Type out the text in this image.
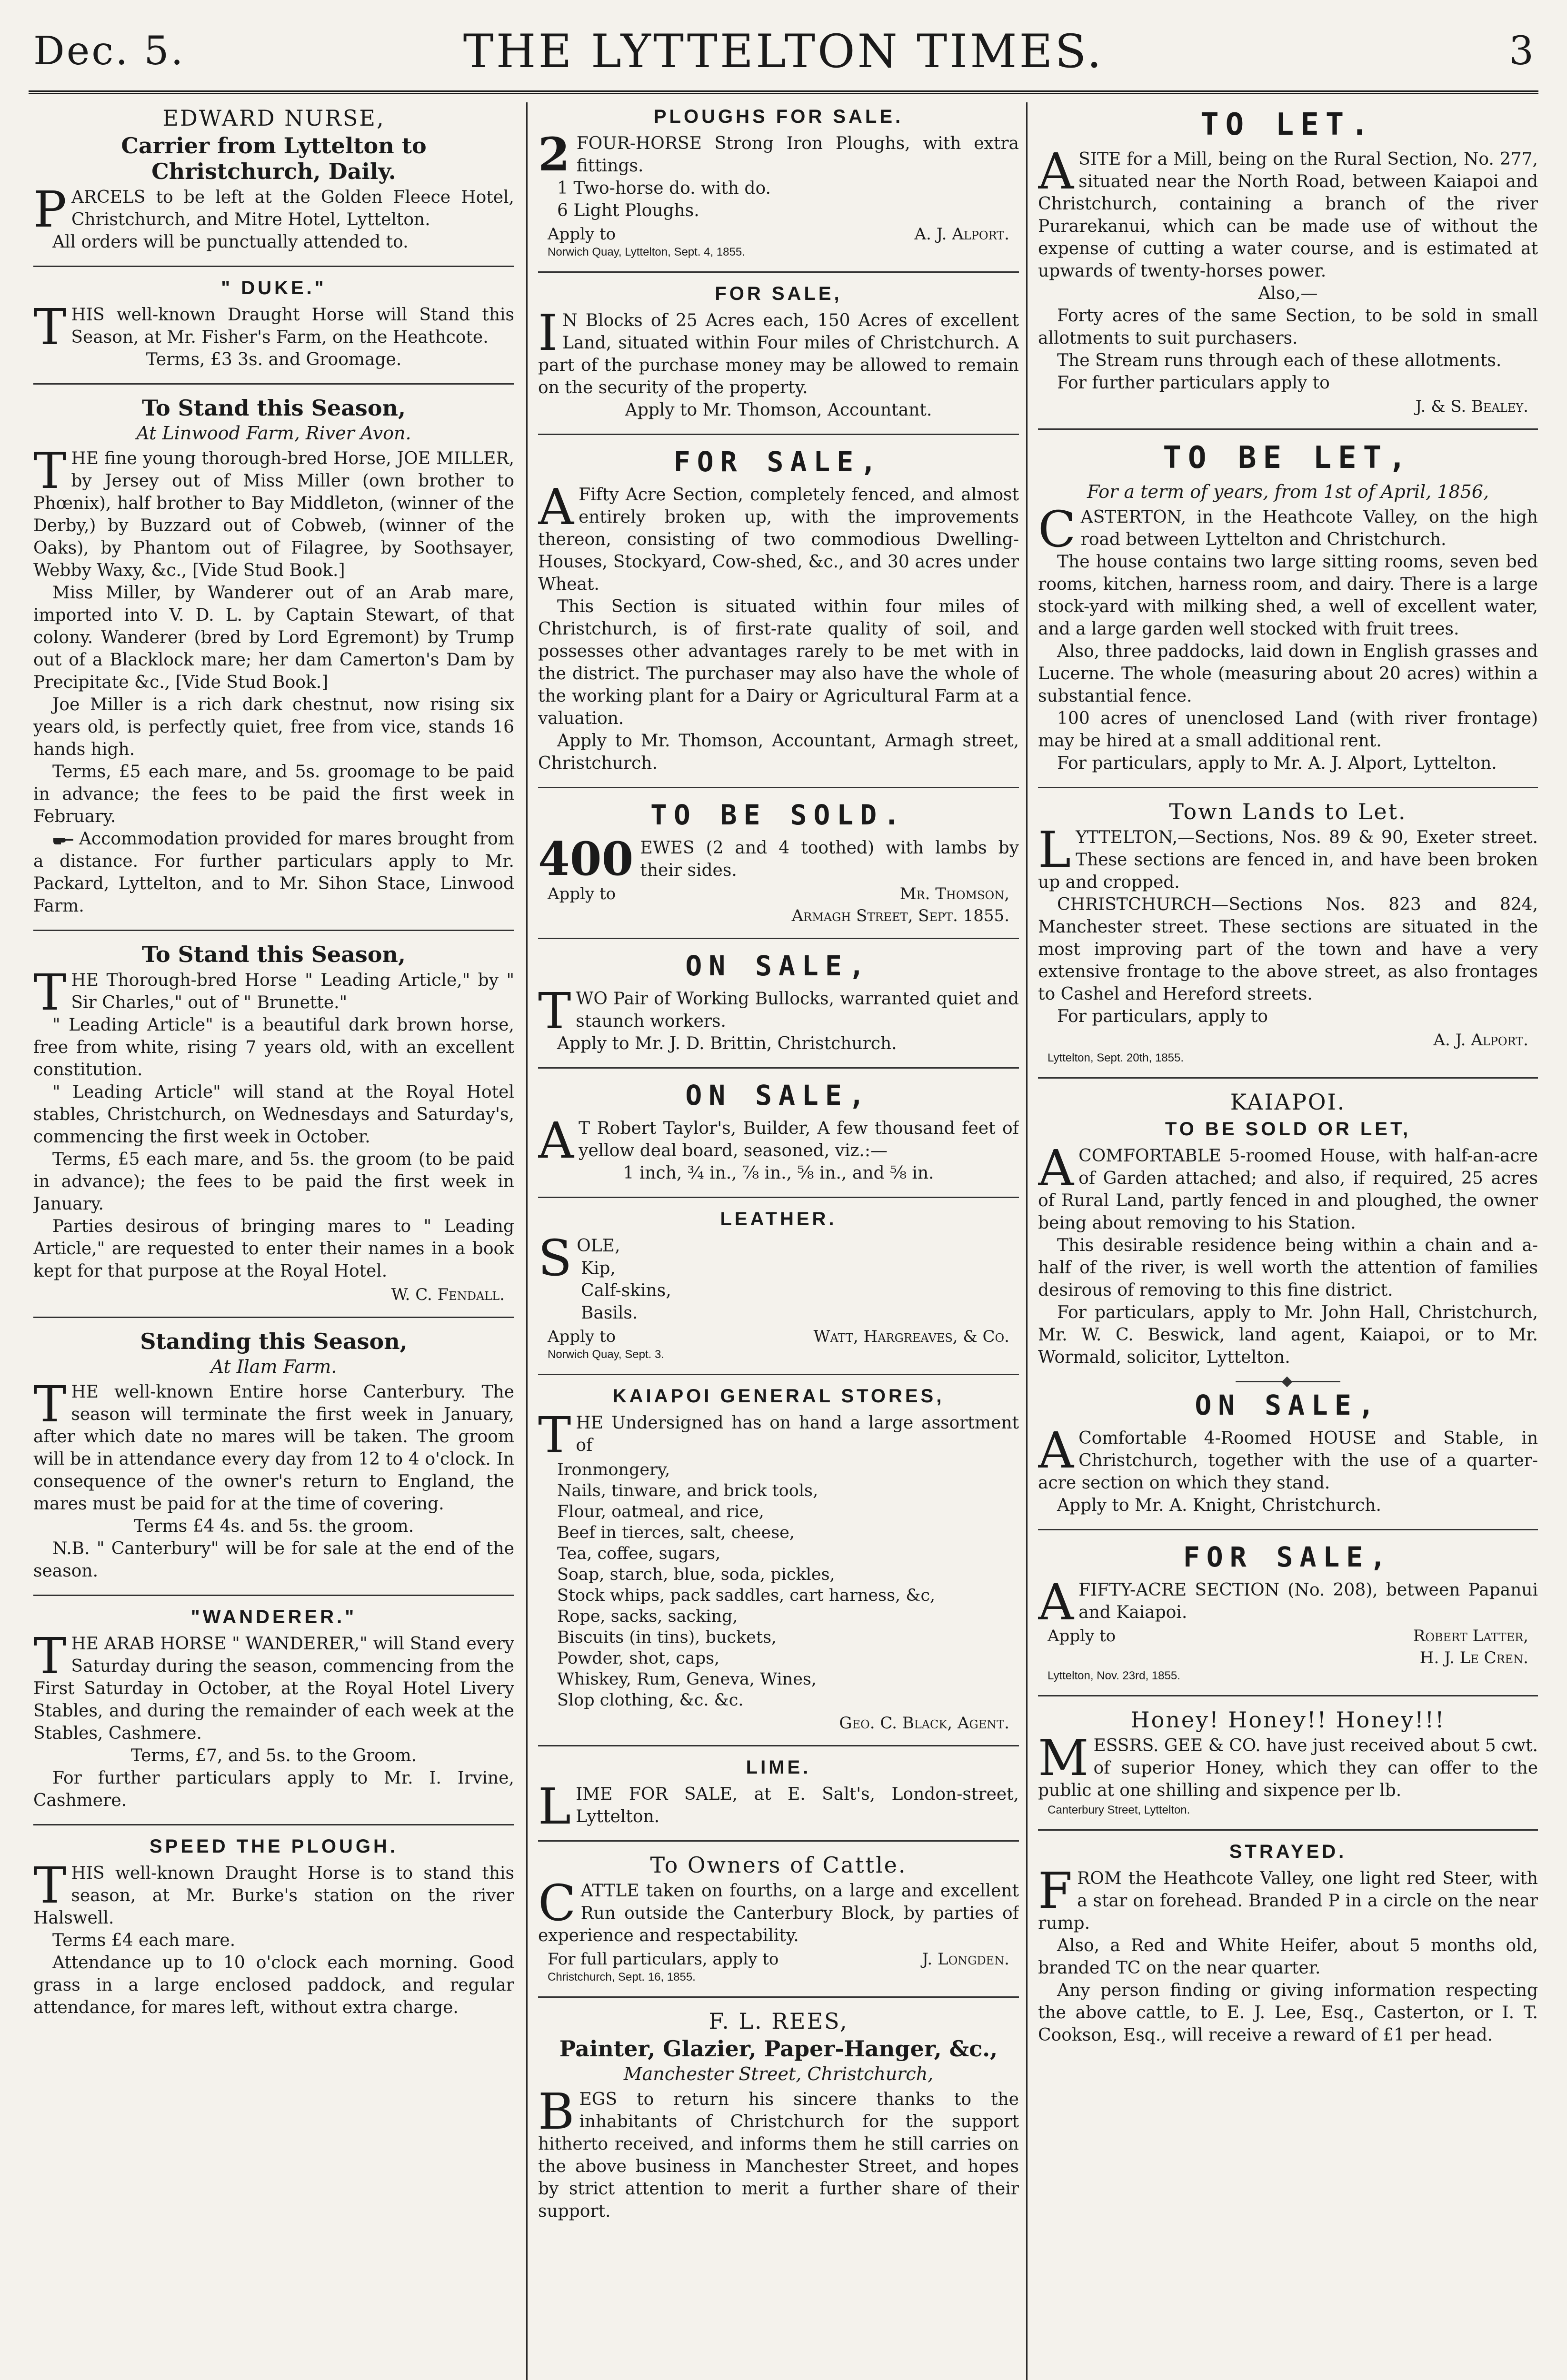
Dec. 5.	THE LYTTELTON TIMES.	3
EDWARD NURSE,
Carrier from Lyttelton to Christchurch, Daily.

PARCELS to be left at the Golden Fleece Hotel, Christchurch, and Mitre Hotel, Lyttelton.

All orders will be punctually attended to.

" DUKE."

THIS well-known Draught Horse will Stand this Season, at Mr. Fisher's Farm, on the Heathcote.

Terms, £3 3s. and Groomage.

To Stand this Season,
At Linwood Farm, River Avon.

THE fine young thorough-bred Horse, JOE MILLER, by Jersey out of Miss Miller (own brother to Phœnix), half brother to Bay Middleton, (winner of the Derby,) by Buzzard out of Cobweb, (winner of the Oaks), by Phantom out of Filagree, by Soothsayer, Webby Waxy, &c., [Vide Stud Book.]

Miss Miller, by Wanderer out of an Arab mare, imported into V. D. L. by Captain Stewart, of that colony. Wanderer (bred by Lord Egremont) by Trump out of a Blacklock mare; her dam Camerton's Dam by Precipitate &c., [Vide Stud Book.]

Joe Miller is a rich dark chestnut, now rising six years old, is perfectly quiet, free from vice, stands 16 hands high.

Terms, £5 each mare, and 5s. groomage to be paid in advance; the fees to be paid the first week in February.

Accommodation provided for mares brought from a distance. For further particulars apply to Mr. Packard, Lyttelton, and to Mr. Sihon Stace, Linwood Farm.

To Stand this Season,

THE Thorough-bred Horse " Leading Article," by " Sir Charles," out of " Brunette."

" Leading Article" is a beautiful dark brown horse, free from white, rising 7 years old, with an excellent constitution.

" Leading Article" will stand at the Royal Hotel stables, Christchurch, on Wednesdays and Saturday's, commencing the first week in October.

Terms, £5 each mare, and 5s. the groom (to be paid in advance); the fees to be paid the first week in January.

Parties desirous of bringing mares to " Leading Article," are requested to enter their names in a book kept for that purpose at the Royal Hotel.

W. C. Fendall.
Standing this Season,
At Ilam Farm.

THE well-known Entire horse Canterbury. The season will terminate the first week in January, after which date no mares will be taken. The groom will be in attendance every day from 12 to 4 o'clock. In consequence of the owner's return to England, the mares must be paid for at the time of covering.

Terms £4 4s. and 5s. the groom.

N.B. " Canterbury" will be for sale at the end of the season.

"WANDERER."

THE ARAB HORSE " WANDERER," will Stand every Saturday during the season, commencing from the First Saturday in October, at the Royal Hotel Livery Stables, and during the remainder of each week at the Stables, Cashmere.

Terms, £7, and 5s. to the Groom.

For further particulars apply to Mr. I. Irvine, Cashmere.

SPEED THE PLOUGH.

THIS well-known Draught Horse is to stand this season, at Mr. Burke's station on the river Halswell.

Terms £4 each mare.

Attendance up to 10 o'clock each morning. Good grass in a large enclosed paddock, and regular attendance, for mares left, without extra charge.

PLOUGHS FOR SALE.

2 FOUR-HORSE Strong Iron Ploughs, with extra fittings.

1 Two-horse do. with do.

6 Light Ploughs.

Apply to	A. J. Alport.
Norwich Quay, Lyttelton, Sept. 4, 1855.
FOR SALE,

I N Blocks of 25 Acres each, 150 Acres of excellent Land, situated within Four miles of Christchurch. A part of the purchase money may be allowed to remain on the security of the property.

Apply to Mr. Thomson, Accountant.

FOR SALE,

A Fifty Acre Section, completely fenced, and almost entirely broken up, with the improvements thereon, consisting of two commodious Dwelling-Houses, Stockyard, Cow-shed, &c., and 30 acres under Wheat.

This Section is situated within four miles of Christchurch, is of first-rate quality of soil, and possesses other advantages rarely to be met with in the district. The purchaser may also have the whole of the working plant for a Dairy or Agricultural Farm at a valuation.

Apply to Mr. Thomson, Accountant, Armagh street, Christchurch.

TO BE SOLD.

400 EWES (2 and 4 toothed) with lambs by their sides.

Apply to	Mr. Thomson,
Armagh Street, Sept. 1855.
ON SALE,

TWO Pair of Working Bullocks, warranted quiet and staunch workers.

Apply to Mr. J. D. Brittin, Christchurch.

ON SALE,

A T Robert Taylor's, Builder, A few thousand feet of yellow deal board, seasoned, viz.:—

1 inch, ¾ in., ⅞ in., ⅝ in., and ⅝ in.

LEATHER.

SOLE,

Kip,

Calf-skins,

Basils.

Apply to	Watt, Hargreaves, & Co.
Norwich Quay, Sept. 3.
KAIAPOI GENERAL STORES,

THE Undersigned has on hand a large assortment of

Ironmongery,
Nails, tinware, and brick tools,
Flour, oatmeal, and rice,
Beef in tierces, salt, cheese,
Tea, coffee, sugars,
Soap, starch, blue, soda, pickles,
Stock whips, pack saddles, cart harness, &c,
Rope, sacks, sacking,
Biscuits (in tins), buckets,
Powder, shot, caps,
Whiskey, Rum, Geneva, Wines,
Slop clothing, &c. &c.
Geo. C. Black, Agent.
LIME.

LIME FOR SALE, at E. Salt's, London-street, Lyttelton.

To Owners of Cattle.

CATTLE taken on fourths, on a large and excellent Run outside the Canterbury Block, by parties of experience and respectability.

For full particulars, apply to	J. Longden.
Christchurch, Sept. 16, 1855.
F. L. REES,
Painter, Glazier, Paper-Hanger, &c.,
Manchester Street, Christchurch,

BEGS to return his sincere thanks to the inhabitants of Christchurch for the support hitherto received, and informs them he still carries on the above business in Manchester Street, and hopes by strict attention to merit a further share of their support.

TO LET.

ASITE for a Mill, being on the Rural Section, No. 277, situated near the North Road, between Kaiapoi and Christchurch, containing a branch of the river Purarekanui, which can be made use of without the expense of cutting a water course, and is estimated at upwards of twenty-horses power.

Also,—

Forty acres of the same Section, to be sold in small allotments to suit purchasers.

The Stream runs through each of these allotments.

For further particulars apply to

J. & S. Bealey.
TO BE LET,
For a term of years, from 1st of April, 1856,

CASTERTON, in the Heathcote Valley, on the high road between Lyttelton and Christchurch.

The house contains two large sitting rooms, seven bed rooms, kitchen, harness room, and dairy. There is a large stock-yard with milking shed, a well of excellent water, and a large garden well stocked with fruit trees.

Also, three paddocks, laid down in English grasses and Lucerne. The whole (measuring about 20 acres) within a substantial fence.

100 acres of unenclosed Land (with river frontage) may be hired at a small additional rent.

For particulars, apply to Mr. A. J. Alport, Lyttelton.

Town Lands to Let.

LYTTELTON,—Sections, Nos. 89 & 90, Exeter street. These sections are fenced in, and have been broken up and cropped.

CHRISTCHURCH—Sections Nos. 823 and 824, Manchester street. These sections are situated in the most improving part of the town and have a very extensive frontage to the above street, as also frontages to Cashel and Hereford streets.

For particulars, apply to

A. J. Alport.
Lyttelton, Sept. 20th, 1855.
KAIAPOI.
TO BE SOLD OR LET,

ACOMFORTABLE 5-roomed House, with half-an-acre of Garden attached; and also, if required, 25 acres of Rural Land, partly fenced in and ploughed, the owner being about removing to his Station.

This desirable residence being within a chain and a-half of the river, is well worth the attention of families desirous of removing to this fine district.

For particulars, apply to Mr. John Hall, Christchurch, Mr. W. C. Beswick, land agent, Kaiapoi, or to Mr. Wormald, solicitor, Lyttelton.

ON SALE,

A Comfortable 4-Roomed HOUSE and Stable, in Christchurch, together with the use of a quarter-acre section on which they stand.

Apply to Mr. A. Knight, Christchurch.

FOR SALE,

AFIFTY-ACRE SECTION (No. 208), between Papanui and Kaiapoi.

Apply to	Robert Latter,
H. J. Le Cren.
Lyttelton, Nov. 23rd, 1855.
Honey! Honey!! Honey!!!

MESSRS. GEE & CO. have just received about 5 cwt. of superior Honey, which they can offer to the public at one shilling and sixpence per lb.

Canterbury Street, Lyttelton.
STRAYED.

FROM the Heathcote Valley, one light red Steer, with a star on forehead. Branded P in a circle on the near rump.

Also, a Red and White Heifer, about 5 months old, branded TC on the near quarter.

Any person finding or giving information respecting the above cattle, to E. J. Lee, Esq., Casterton, or I. T. Cookson, Esq., will receive a reward of £1 per head.
